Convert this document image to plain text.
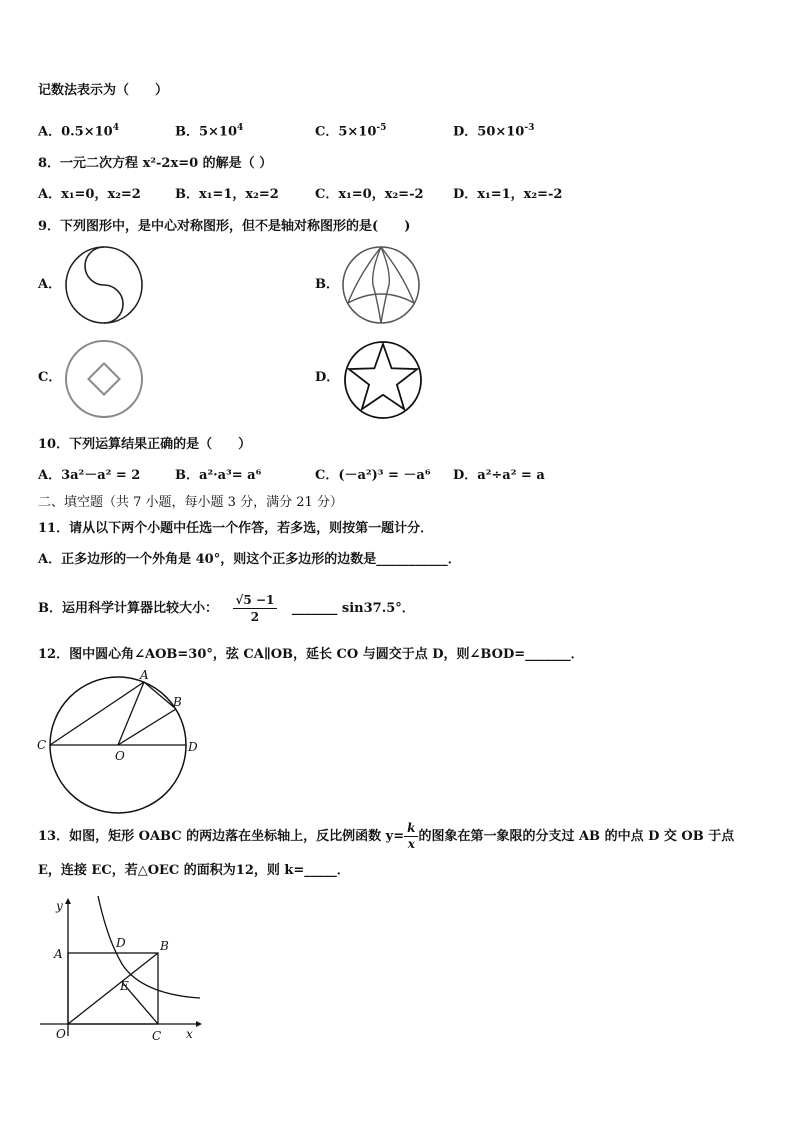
记数法表示为（　　）
A．$0.5\times 10^4$	B．$5\times 10^4$	C．$5\times 10^{-5}$	D．$50\times 10^{-3}$
8．一元二次方程 x²-2x=0 的解是（ ）
A．x₁=0，x₂=2	B．x₁=1，x₂=2	C．x₁=0，x₂=-2 D．x₁=1，x₂=-2
9．下列图形中，是中心对称图形，但不是轴对称图形的是(　　)
A．	B．
C．	D．
10．下列运算结果正确的是（　　）
A．3a²－a² = 2	B．a²·a³= a⁶	C．(－a²)³ = －a⁶ D．a²÷a² = a
二、填空题（共 7 小题，每小题 3 分，满分 21 分）
11．请从以下两个小题中任选一个作答，若多选，则按第一题计分．
A．正多边形的一个外角是 40°，则这个正多边形的边数是___________．
B．运用科学计算器比较大小： $\frac{√5 -1}{2}$ _______ sin37.5°．
12．图中圆心角∠AOB=30°，弦 CA∥OB，延长 CO 与圆交于点 D，则∠BOD=_______．
A
B
C	D
O
13．如图，矩形 OABC 的两边落在坐标轴上，反比例函数 $y= \frac{k}{x}$ 的图象在第一象限的分支过 AB 的中点 D 交 OB 于点
E，连接 EC，若△OEC 的面积为12，则 k=_____．
y
x
A
B
D
E
O	C
